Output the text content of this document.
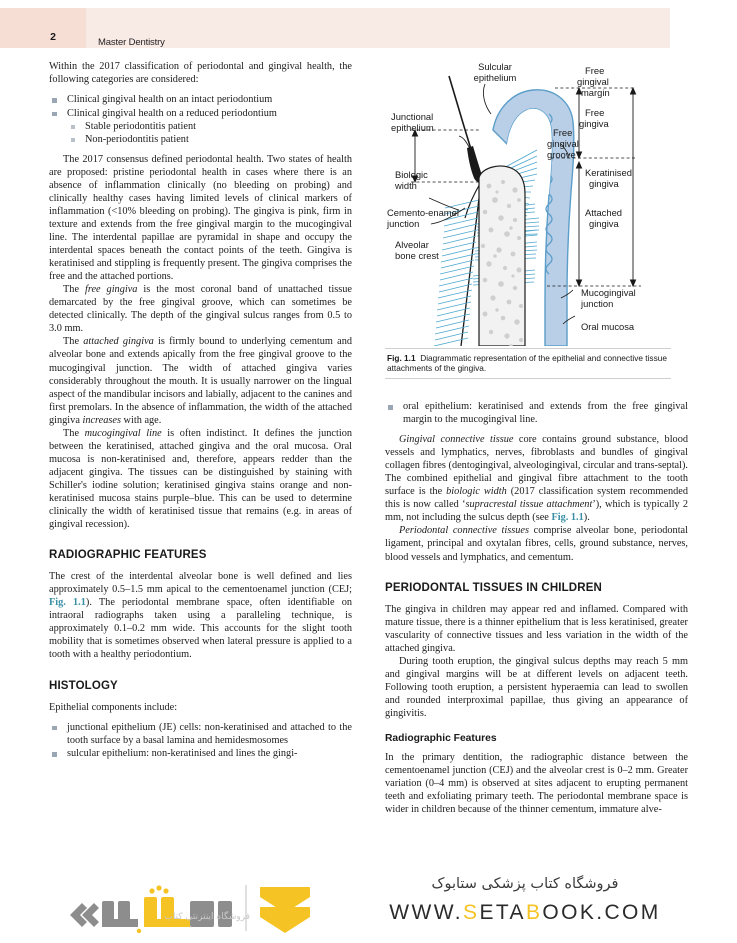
2	Master Dentistry

Within the 2017 classification of periodontal and gingival health, the following categories are considered:

Clinical gingival health on an intact periodontium
Clinical gingival health on a reduced periodontium
Stable periodontitis patient
Non-periodontitis patient

The 2017 consensus defined periodontal health. Two states of health are proposed: pristine periodontal health in cases where there is an absence of inflammation clinically (no bleeding on probing) and clinically healthy cases having limited levels of clinical markers of inflammation (<10% bleeding on probing). The gingiva is pink, firm in texture and extends from the free gingival margin to the mucogingival line. The interdental papillae are pyramidal in shape and occupy the interdental spaces beneath the contact points of the teeth. Gingiva is keratinised and stippling is frequently present. The gingiva comprises the free and the attached portions.

The free gingiva is the most coronal band of unattached tissue demarcated by the free gingival groove, which can sometimes be detected clinically. The depth of the gingival sulcus ranges from 0.5 to 3.0 mm.

The attached gingiva is firmly bound to underlying cementum and alveolar bone and extends apically from the free gingival groove to the mucogingival junction. The width of attached gingiva varies considerably throughout the mouth. It is usually narrower on the lingual aspect of the mandibular incisors and labially, adjacent to the canines and first premolars. In the absence of inflammation, the width of the attached gingiva increases with age.

The mucogingival line is often indistinct. It defines the junction between the keratinised, attached gingiva and the oral mucosa. Oral mucosa is non-keratinised and, therefore, appears redder than the adjacent gingiva. The tissues can be distinguished by staining with Schiller's iodine solution; keratinised gingiva stains orange and non-keratinised mucosa stains purple–blue. This can be used to determine clinically the width of keratinised tissue that remains (e.g. in areas of gingival recession).

RADIOGRAPHIC FEATURES

The crest of the interdental alveolar bone is well defined and lies approximately 0.5–1.5 mm apical to the cementoenamel junction (CEJ; Fig. 1.1). The periodontal membrane space, often identifiable on intraoral radiographs taken using a paralleling technique, is approximately 0.1–0.2 mm wide. This accounts for the slight tooth mobility that is sometimes observed when lateral pressure is applied to a tooth with a healthy periodontium.

HISTOLOGY

Epithelial components include:

junctional epithelium (JE) cells: non-keratinised and attached to the tooth surface by a basal lamina and hemidesmosomes
sulcular epithelium: non-keratinised and lines the gingi-
Sulcular
epithelium
Junctional
epithelium
Biologic
width
Cemento-enamel
junction
Alveolar
bone crest
Free
gingival
margin
Free
gingiva
Free
gingival
groove
Keratinised
gingiva
Attached
gingiva
Mucogingival
junction
Oral mucosa
Fig. 1.1 Diagrammatic representation of the epithelial and connective tissue attachments of the gingiva.
oral epithelium: keratinised and extends from the free gingival margin to the mucogingival line.

Gingival connective tissue core contains ground substance, blood vessels and lymphatics, nerves, fibroblasts and bundles of gingival collagen fibres (dentogingival, alveologingival, circular and trans-septal). The combined epithelial and gingival fibre attachment to the tooth surface is the biologic width (2017 classification system recommended this is now called ‘supracrestal tissue attachment’), which is typically 2 mm, not including the sulcus depth (see Fig. 1.1).

Periodontal connective tissues comprise alveolar bone, periodontal ligament, principal and oxytalan fibres, cells, ground substance, nerves, blood vessels and lymphatics, and cementum.

PERIODONTAL TISSUES IN CHILDREN

The gingiva in children may appear red and inflamed. Compared with mature tissue, there is a thinner epithelium that is less keratinised, greater vascularity of connective tissues and less variation in the width of the attached gingiva.

During tooth eruption, the gingival sulcus depths may reach 5 mm and gingival margins will be at different levels on adjacent teeth. Following tooth eruption, a persistent hyperaemia can lead to swollen and rounded interproximal papillae, thus giving an appearance of gingivitis.

Radiographic Features

In the primary dentition, the radiographic distance between the cementoenamel junction (CEJ) and the alveolar crest is 0–2 mm. Greater variation (0–4 mm) is observed at sites adjacent to erupting permanent teeth and exfoliating primary teeth. The periodontal membrane space is wider in children because of the thinner cementum, immature alve-

فروشگاه اینترنتی کتاب
فروشگاه کتاب پزشکی ستابوک
WWW.SETABOOK.COM
